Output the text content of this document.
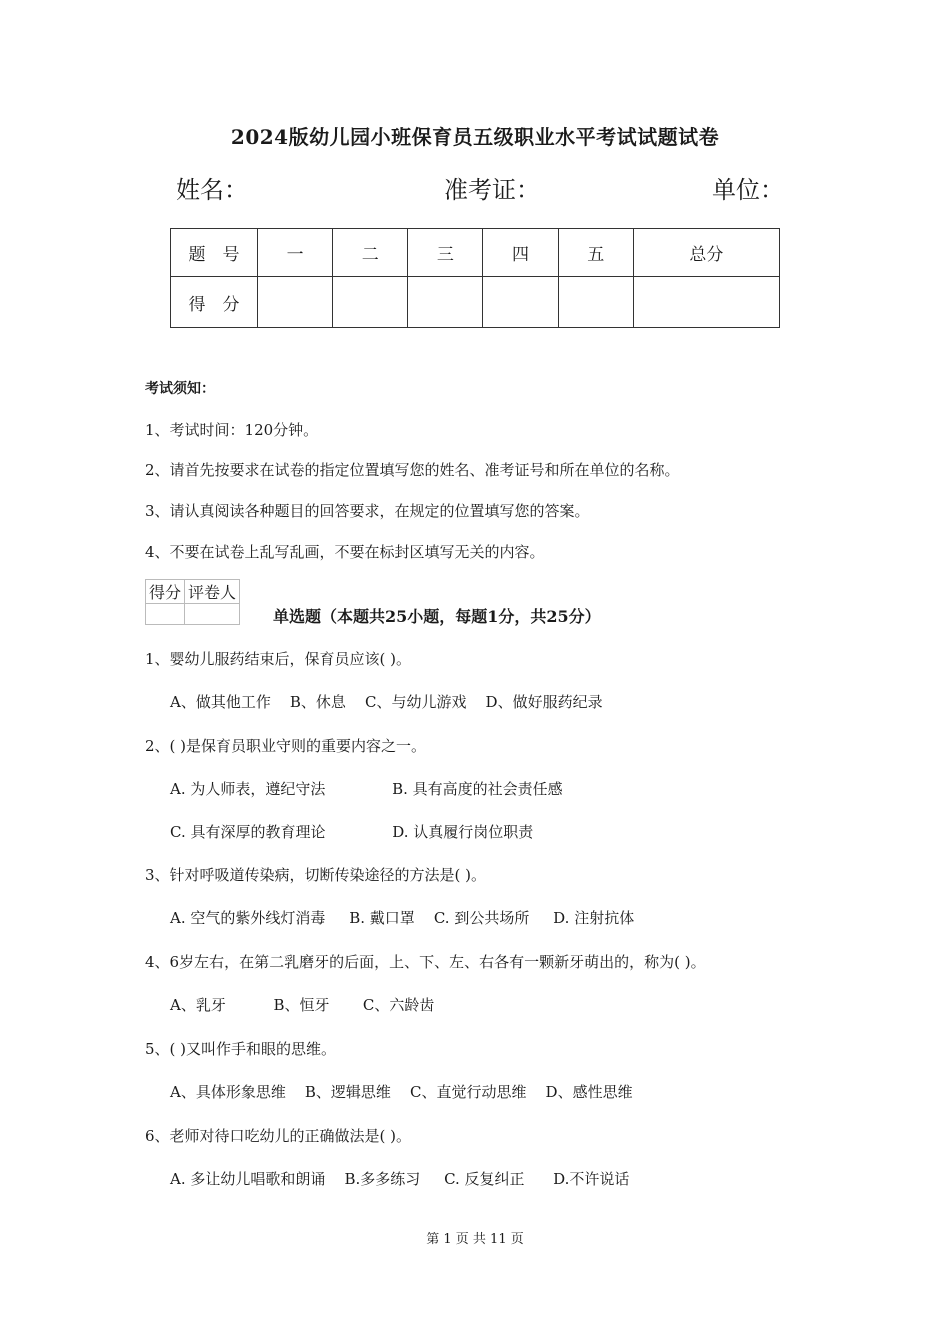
2024版幼儿园小班保育员五级职业水平考试试题试卷
姓名：	准考证：	单位：
题　号	一	二	三	四	五	总分
得　分						
考试须知：
1、考试时间：120分钟。
2、请首先按要求在试卷的指定位置填写您的姓名、准考证号和所在单位的名称。
3、请认真阅读各种题目的回答要求，在规定的位置填写您的答案。
4、不要在试卷上乱写乱画，不要在标封区填写无关的内容。
得分	评卷人

单选题（本题共25小题，每题1分，共25分）
1、婴幼儿服药结束后，保育员应该( )。
A、做其他工作    B、休息    C、与幼儿游戏    D、做好服药纪录
2、( )是保育员职业守则的重要内容之一。
A. 为人师表，遵纪守法              B. 具有高度的社会责任感
C. 具有深厚的教育理论              D. 认真履行岗位职责
3、针对呼吸道传染病，切断传染途径的方法是( )。
A. 空气的紫外线灯消毒     B. 戴口罩    C. 到公共场所     D. 注射抗体
4、6岁左右，在第二乳磨牙的后面，上、下、左、右各有一颗新牙萌出的，称为( )。
A、乳牙          B、恒牙       C、六龄齿
5、( )又叫作手和眼的思维。
A、具体形象思维    B、逻辑思维    C、直觉行动思维    D、感性思维
6、老师对待口吃幼儿的正确做法是( )。
A. 多让幼儿唱歌和朗诵    B.多多练习     C. 反复纠正      D.不许说话
第 1 页 共 11 页
